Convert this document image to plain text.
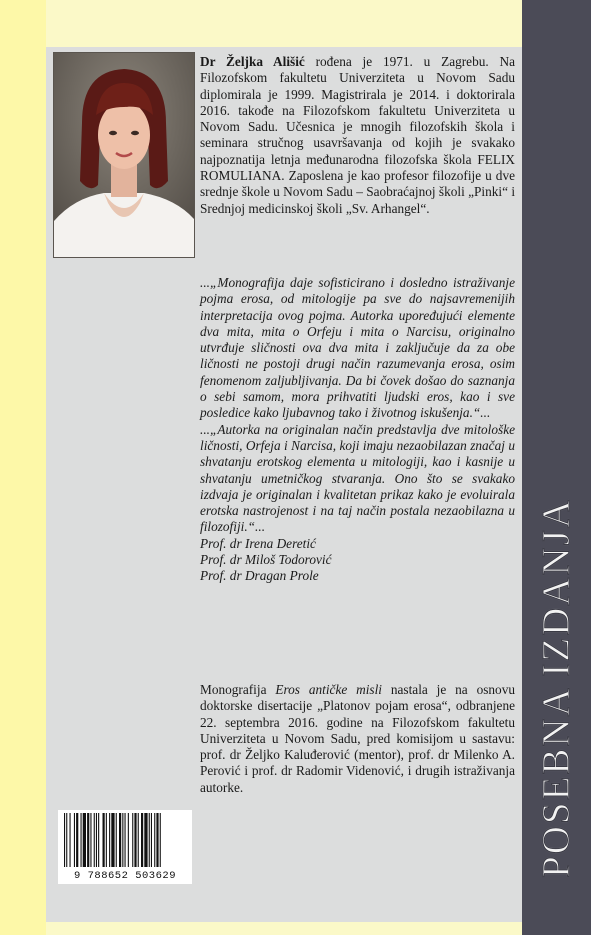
POSEBNA IZDANJA
Dr Željka Ališić rođena je 1971. u Zagrebu. Na Filozofskom fakultetu Univerziteta u Novom Sadu diplomirala je 1999. Magistrirala je 2014. i doktorirala 2016. takođe na Filozofskom fakultetu Univerziteta u Novom Sadu. Učesnica je mnogih filozofskih škola i seminara stručnog usavršavanja od kojih je svakako najpoznatija letnja međunarodna filozofska škola FELIX ROMULIANA. Zaposlena je kao profesor filozofije u dve srednje škole u Novom Sadu – Saobraćajnoj školi „Pinki“ i Srednjoj medicinskoj školi „Sv. Arhangel“.

...„Monografija daje sofisticirano i dosledno istraživanje pojma erosa, od mitologije pa sve do najsavremenijih interpretacija ovog pojma. Autorka upoređujući elemente dva mita, mita o Orfeju i mita o Narcisu, originalno utvrđuje sličnosti ova dva mita i zaključuje da za obe ličnosti ne postoji drugi način razumevanja erosa, osim fenomenom zaljubljivanja. Da bi čovek došao do saznanja o sebi samom, mora prihvatiti ljudski eros, kao i sve posledice kako ljubavnog tako i životnog iskušenja.“...

...„Autorka na originalan način predstavlja dve mitološke ličnosti, Orfeja i Narcisa, koji imaju nezaobilazan značaj u shvatanju erotskog elementa u mitologiji, kao i kasnije u shvatanju umetničkog stvaranja. Ono što se svakako izdvaja je originalan i kvalitetan prikaz kako je evoluirala erotska nastrojenost i na taj način postala nezaobilazna u filozofiji.“...

Prof. dr Irena Deretić

Prof. dr Miloš Todorović

Prof. dr Dragan Prole

Monografija Eros antičke misli nastala je na osnovu doktorske disertacije „Platonov pojam erosa“, odbranjene 22. septembra 2016. godine na Filozofskom fakultetu Univerziteta u Novom Sadu, pred komisijom u sastavu: prof. dr Željko Kaluđerović (mentor), prof. dr Milenko A. Perović i prof. dr Radomir Videnović, i drugih istraživanja autorke.
9 788652 503629
